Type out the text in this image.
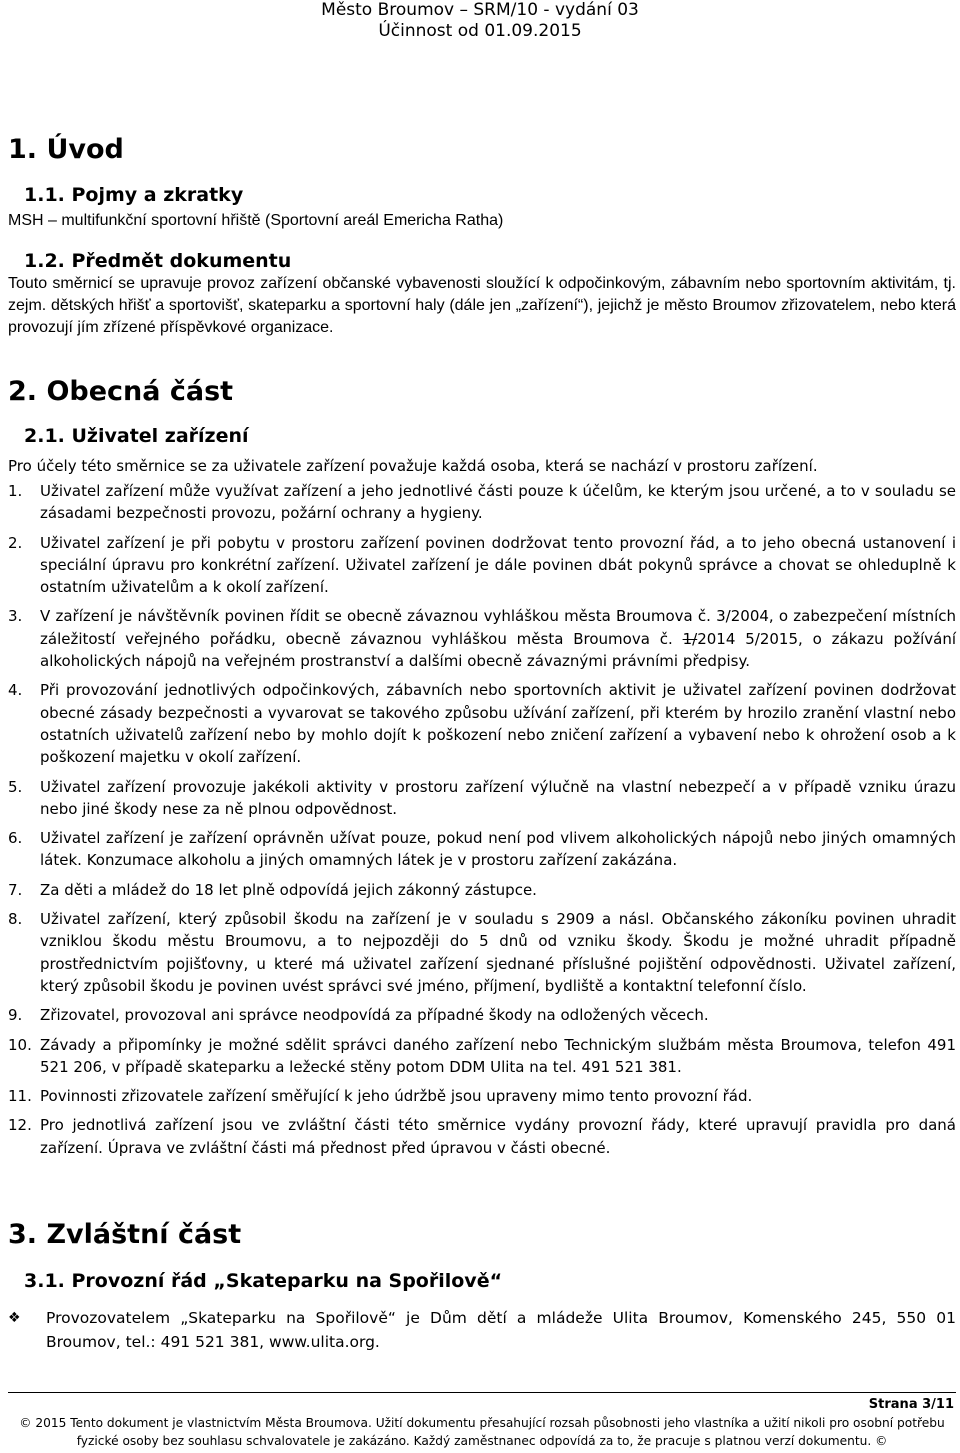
Město Broumov – SRM/10 - vydání 03
Účinnost od 01.09.2015
1. Úvod
1.1. Pojmy a zkratky
MSH – multifunkční sportovní hřiště (Sportovní areál Emericha Ratha)
1.2. Předmět dokumentu
Touto směrnicí se upravuje provoz zařízení občanské vybavenosti sloužící k odpočinkovým, zábavním nebo sportovním aktivitám, tj. zejm. dětských hřišť a sportovišť, skateparku a sportovní haly (dále jen „zařízení“), jejichž je město Broumov zřizovatelem, nebo která provozují jím zřízené příspěvkové organizace.
2. Obecná část
2.1. Uživatel zařízení
Pro účely této směrnice se za uživatele zařízení považuje každá osoba, která se nachází v prostoru zařízení.
1.	Uživatel zařízení může využívat zařízení a jeho jednotlivé části pouze k účelům, ke kterým jsou určené, a to v souladu se zásadami bezpečnosti provozu, požární ochrany a hygieny.
2.	Uživatel zařízení je při pobytu v prostoru zařízení povinen dodržovat tento provozní řád, a to jeho obecná ustanovení i speciální úpravu pro konkrétní zařízení. Uživatel zařízení je dále povinen dbát pokynů správce a chovat se ohleduplně k ostatním uživatelům a k okolí zařízení.
3.	V zařízení je návštěvník povinen řídit se obecně závaznou vyhláškou města Broumova č. 3/2004, o zabezpečení místních záležitostí veřejného pořádku, obecně závaznou vyhláškou města Broumova č. 1/2014 5/2015, o zákazu požívání alkoholických nápojů na veřejném prostranství a dalšími obecně závaznými právními předpisy.
4.	Při provozování jednotlivých odpočinkových, zábavních nebo sportovních aktivit je uživatel zařízení povinen dodržovat obecné zásady bezpečnosti a vyvarovat se takového způsobu užívání zařízení, při kterém by hrozilo zranění vlastní nebo ostatních uživatelů zařízení nebo by mohlo dojít k poškození nebo zničení zařízení a vybavení nebo k ohrožení osob a k poškození majetku v okolí zařízení.
5.	Uživatel zařízení provozuje jakékoli aktivity v prostoru zařízení výlučně na vlastní nebezpečí a v případě vzniku úrazu nebo jiné škody nese za ně plnou odpovědnost.
6.	Uživatel zařízení je zařízení oprávněn užívat pouze, pokud není pod vlivem alkoholických nápojů nebo jiných omamných látek. Konzumace alkoholu a jiných omamných látek je v prostoru zařízení zakázána.
7.	Za děti a mládež do 18 let plně odpovídá jejich zákonný zástupce.
8.	Uživatel zařízení, který způsobil škodu na zařízení je v souladu s 2909 a násl. Občanského zákoníku povinen uhradit vzniklou škodu městu Broumovu, a to nejpozději do 5 dnů od vzniku škody. Škodu je možné uhradit případně prostřednictvím pojišťovny, u které má uživatel zařízení sjednané příslušné pojištění odpovědnosti. Uživatel zařízení, který způsobil škodu je povinen uvést správci své jméno, příjmení, bydliště a kontaktní telefonní číslo.
9.	Zřizovatel, provozoval ani správce neodpovídá za případné škody na odložených věcech.
10. Závady a připomínky je možné sdělit správci daného zařízení nebo Technickým službám města Broumova, telefon 491 521 206, v případě skateparku a ležecké stěny potom DDM Ulita na tel. 491 521 381.
11. Povinnosti zřizovatele zařízení směřující k jeho údržbě jsou upraveny mimo tento provozní řád.
12. Pro jednotlivá zařízení jsou ve zvláštní části této směrnice vydány provozní řády, které upravují pravidla pro daná zařízení. Úprava ve zvláštní části má přednost před úpravou v části obecné.
3. Zvláštní část
3.1. Provozní řád „Skateparku na Spořilově“
❖	Provozovatelem „Skateparku na Spořilově“ je Dům dětí a mládeže Ulita Broumov, Komenského 245, 550 01 Broumov, tel.: 491 521 381, www.ulita.org.
Strana 3/11
© 2015 Tento dokument je vlastnictvím Města Broumova. Užití dokumentu přesahující rozsah působnosti jeho vlastníka a užití nikoli pro osobní potřebu fyzické osoby bez souhlasu schvalovatele je zakázáno. Každý zaměstnanec odpovídá za to, že pracuje s platnou verzí dokumentu. ©
